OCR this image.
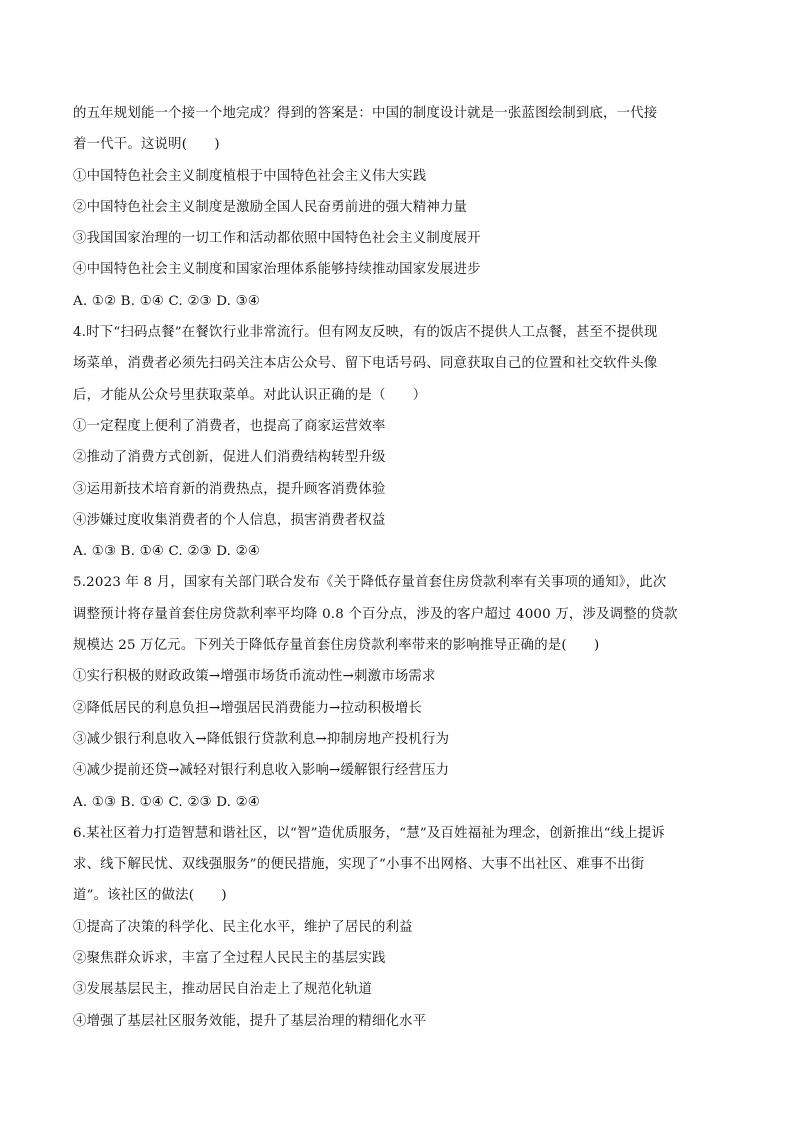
的五年规划能一个接一个地完成？得到的答案是：中国的制度设计就是一张蓝图绘制到底，一代接
着一代干。这说明(　　)
①中国特色社会主义制度植根于中国特色社会主义伟大实践
②中国特色社会主义制度是激励全国人民奋勇前进的强大精神力量
③我国国家治理的一切工作和活动都依照中国特色社会主义制度展开
④中国特色社会主义制度和国家治理体系能够持续推动国家发展进步
A. ①② B. ①④ C. ②③ D. ③④
4.时下“扫码点餐”在餐饮行业非常流行。但有网友反映，有的饭店不提供人工点餐，甚至不提供现
场菜单，消费者必须先扫码关注本店公众号、留下电话号码、同意获取自己的位置和社交软件头像
后，才能从公众号里获取菜单。对此认识正确的是（　　）
①一定程度上便利了消费者，也提高了商家运营效率
②推动了消费方式创新，促进人们消费结构转型升级
③运用新技术培育新的消费热点，提升顾客消费体验
④涉嫌过度收集消费者的个人信息，损害消费者权益
A. ①③ B. ①④ C. ②③ D. ②④
5.2023 年 8 月，国家有关部门联合发布《关于降低存量首套住房贷款利率有关事项的通知》，此次
调整预计将存量首套住房贷款利率平均降 0.8 个百分点，涉及的客户超过 4000 万，涉及调整的贷款
规模达 25 万亿元。下列关于降低存量首套住房贷款利率带来的影响推导正确的是(　　)
①实行积极的财政政策→增强市场货币流动性→刺激市场需求
②降低居民的利息负担→增强居民消费能力→拉动积极增长
③减少银行利息收入→降低银行贷款利息→抑制房地产投机行为
④减少提前还贷→减轻对银行利息收入影响→缓解银行经营压力
A. ①③ B. ①④ C. ②③ D. ②④
6.某社区着力打造智慧和谐社区，以“智”造优质服务，“慧”及百姓福祉为理念，创新推出“线上提诉
求、线下解民忧、双线强服务”的便民措施，实现了“小事不出网格、大事不出社区、难事不出街
道”。该社区的做法(　　)
①提高了决策的科学化、民主化水平，维护了居民的利益
②聚焦群众诉求，丰富了全过程人民民主的基层实践
③发展基层民主，推动居民自治走上了规范化轨道
④增强了基层社区服务效能，提升了基层治理的精细化水平
